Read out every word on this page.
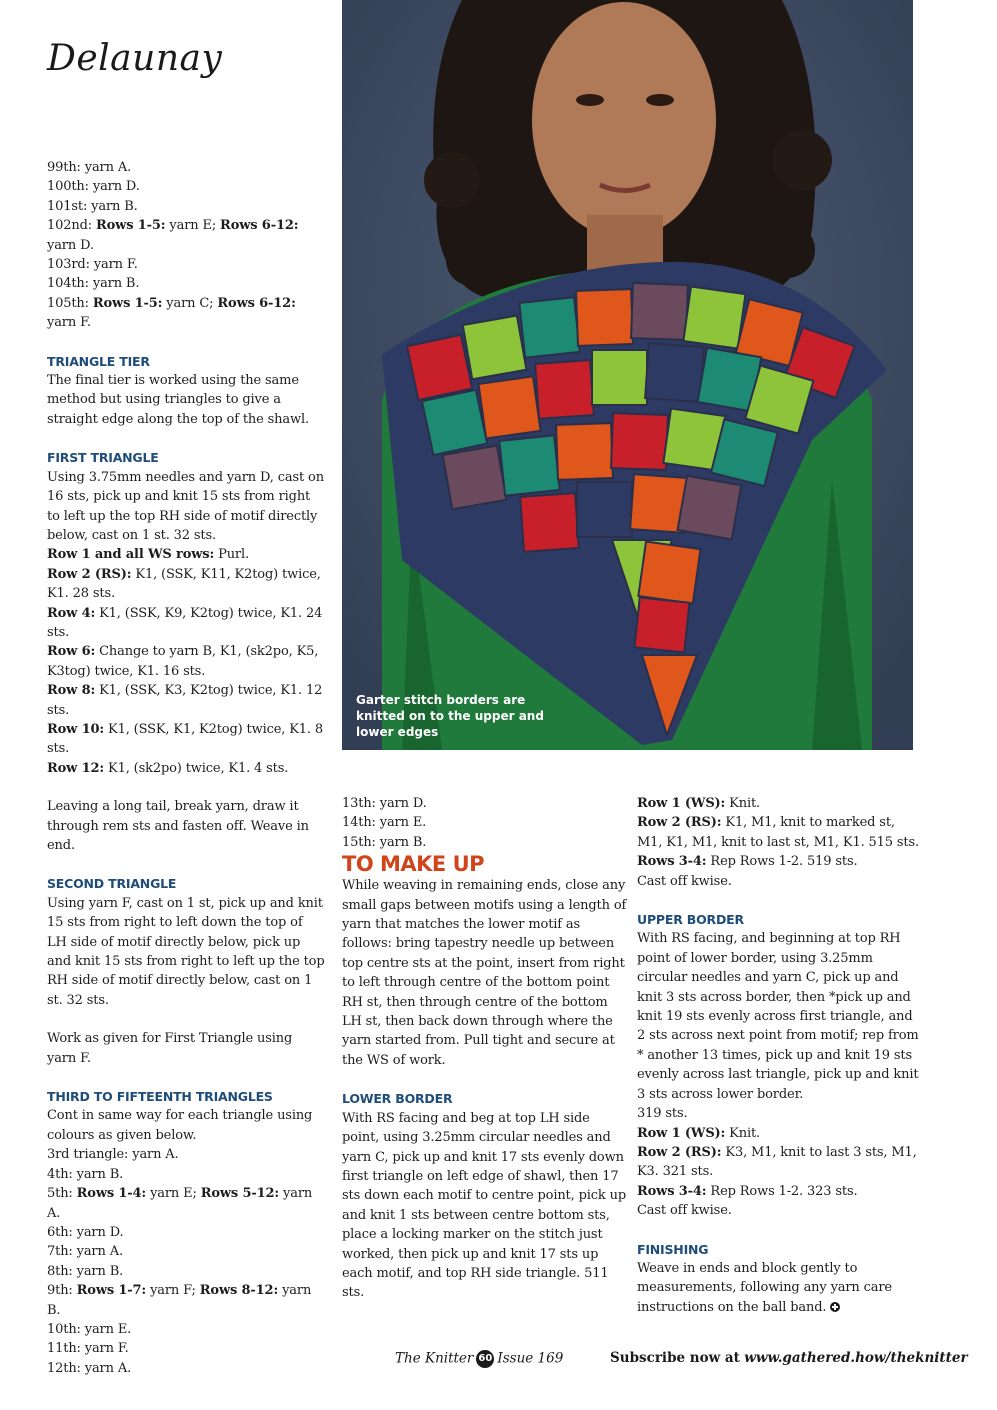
Delaunay

99th: yarn A.

100th: yarn D.

101st: yarn B.

102nd: Rows 1-5: yarn E; Rows 6-12: yarn D.

103rd: yarn F.

104th: yarn B.

105th: Rows 1-5: yarn C; Rows 6-12: yarn F.

TRIANGLE TIER

The final tier is worked using the same method but using triangles to give a straight edge along the top of the shawl.

FIRST TRIANGLE

Using 3.75mm needles and yarn D, cast on 16 sts, pick up and knit 15 sts from right to left up the top RH side of motif directly below, cast on 1 st. 32 sts.

Row 1 and all WS rows: Purl.

Row 2 (RS): K1, (SSK, K11, K2tog) twice, K1. 28 sts.

Row 4: K1, (SSK, K9, K2tog) twice, K1. 24 sts.

Row 6: Change to yarn B, K1, (sk2po, K5, K3tog) twice, K1. 16 sts.

Row 8: K1, (SSK, K3, K2tog) twice, K1. 12 sts.

Row 10: K1, (SSK, K1, K2tog) twice, K1. 8 sts.

Row 12: K1, (sk2po) twice, K1. 4 sts.

Leaving a long tail, break yarn, draw it through rem sts and fasten off. Weave in end.

SECOND TRIANGLE

Using yarn F, cast on 1 st, pick up and knit 15 sts from right to left down the top of LH side of motif directly below, pick up and knit 15 sts from right to left up the top RH side of motif directly below, cast on 1 st. 32 sts.

Work as given for First Triangle using yarn F.

THIRD TO FIFTEENTH TRIANGLES

Cont in same way for each triangle using colours as given below.

3rd triangle: yarn A.

4th: yarn B.

5th: Rows 1-4: yarn E; Rows 5-12: yarn A.

6th: yarn D.

7th: yarn A.

8th: yarn B.

9th: Rows 1-7: yarn F; Rows 8-12: yarn B.

10th: yarn E.

11th: yarn F.

12th: yarn A.

Garter stitch borders are knitted on to the upper and lower edges

13th: yarn D.

14th: yarn E.

15th: yarn B.

TO MAKE UP

While weaving in remaining ends, close any small gaps between motifs using a length of yarn that matches the lower motif as follows: bring tapestry needle up between top centre sts at the point, insert from right to left through centre of the bottom point RH st, then through centre of the bottom LH st, then back down through where the yarn started from. Pull tight and secure at the WS of work.

LOWER BORDER

With RS facing and beg at top LH side point, using 3.25mm circular needles and yarn C, pick up and knit 17 sts evenly down first triangle on left edge of shawl, then 17 sts down each motif to centre point, pick up and knit 1 sts between centre bottom sts, place a locking marker on the stitch just worked, then pick up and knit 17 sts up each motif, and top RH side triangle. 511 sts.

Row 1 (WS): Knit.

Row 2 (RS): K1, M1, knit to marked st, M1, K1, M1, knit to last st, M1, K1. 515 sts.

Rows 3-4: Rep Rows 1-2. 519 sts.

Cast off kwise.

UPPER BORDER

With RS facing, and beginning at top RH point of lower border, using 3.25mm circular needles and yarn C, pick up and knit 3 sts across border, then *pick up and knit 19 sts evenly across first triangle, and 2 sts across next point from motif; rep from * another 13 times, pick up and knit 19 sts evenly across last triangle, pick up and knit 3 sts across lower border.

319 sts.

Row 1 (WS): Knit.

Row 2 (RS): K3, M1, knit to last 3 sts, M1, K3. 321 sts.

Rows 3-4: Rep Rows 1-2. 323 sts.

Cast off kwise.

FINISHING

Weave in ends and block gently to measurements, following any yarn care instructions on the ball band.

The Knitter 60 Issue 169	Subscribe now at www.gathered.how/theknitter
